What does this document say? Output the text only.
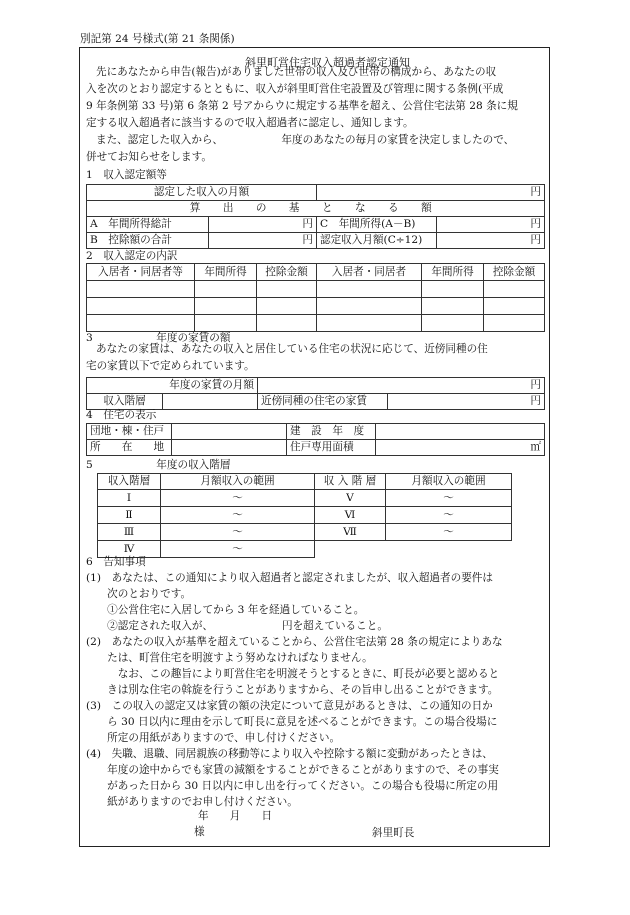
別記第 24 号様式(第 21 条関係)
斜里町営住宅収入超過者認定通知
先にあなたから申告(報告)がありました世帯の収入及び世帯の構成から、あなたの収
入を次のとおり認定するとともに、収入が斜里町営住宅設置及び管理に関する条例(平成
9 年条例第 33 号)第 6 条第 2 号アからウに規定する基準を超え、公営住宅法第 28 条に規
定する収入超過者に該当するので収入超過者に認定し、通知します。
また、認定した収入から、　　　　　　年度のあなたの毎月の家賃を決定しましたので、
併せてお知らせをします。
1　収入認定額等
認定した収入の月額		円	
算 出 の 基 と な る 額			
A　年間所得総計	円	C　年間所得(A－B)	円
B　控除額の合計	円	認定収入月額(C÷12)	円
2　収入認定の内訳
入居者・同居者等	年間所得	控除金額	入居者・同居者	年間所得	控除金額

3　　　　　　年度の家賃の額
あなたの家賃は、あなたの収入と居住している住宅の状況に応じて、近傍同種の住
宅の家賃以下で定められています。
年度の家賃の月額		円	
収入階層		近傍同種の住宅の家賃	円
4　住宅の表示
団地・棟・住戸		建　設　年　度	
所　　在　　地		住戸専用面積	㎡
5　　　　　　年度の収入階層
収入階層	月額収入の範囲	収 入 階 層	月額収入の範囲
Ⅰ	～	Ⅴ	～
Ⅱ	～	Ⅵ	～
Ⅲ	～	Ⅶ	～
Ⅳ	～		
6　告知事項
(1)　あなたは、この通知により収入超過者と認定されましたが、収入超過者の要件は
　　次のとおりです。
　　①公営住宅に入居してから 3 年を経過していること。
　　②認定された収入が、　　　　　　　円を超えていること。
(2)　あなたの収入が基準を超えていることから、公営住宅法第 28 条の規定によりあな
　　たは、町営住宅を明渡すよう努めなければなりません。
　　　なお、この趣旨により町営住宅を明渡そうとするときに、町長が必要と認めると
　　きは別な住宅の斡旋を行うことがありますから、その旨申し出ることができます。
(3)　この収入の認定又は家賃の額の決定について意見があるときは、この通知の日か
　　ら 30 日以内に理由を示して町長に意見を述べることができます。この場合役場に
　　所定の用紙がありますので、申し付けください。
(4)　失職、退職、同居親族の移動等により収入や控除する額に変動があったときは、
　　年度の途中からでも家賃の減額をすることができることがありますので、その事実
　　があった日から 30 日以内に申し出を行ってください。この場合も役場に所定の用
　　紙がありますのでお申し付けください。
年　　月　　日
様	斜里町長
